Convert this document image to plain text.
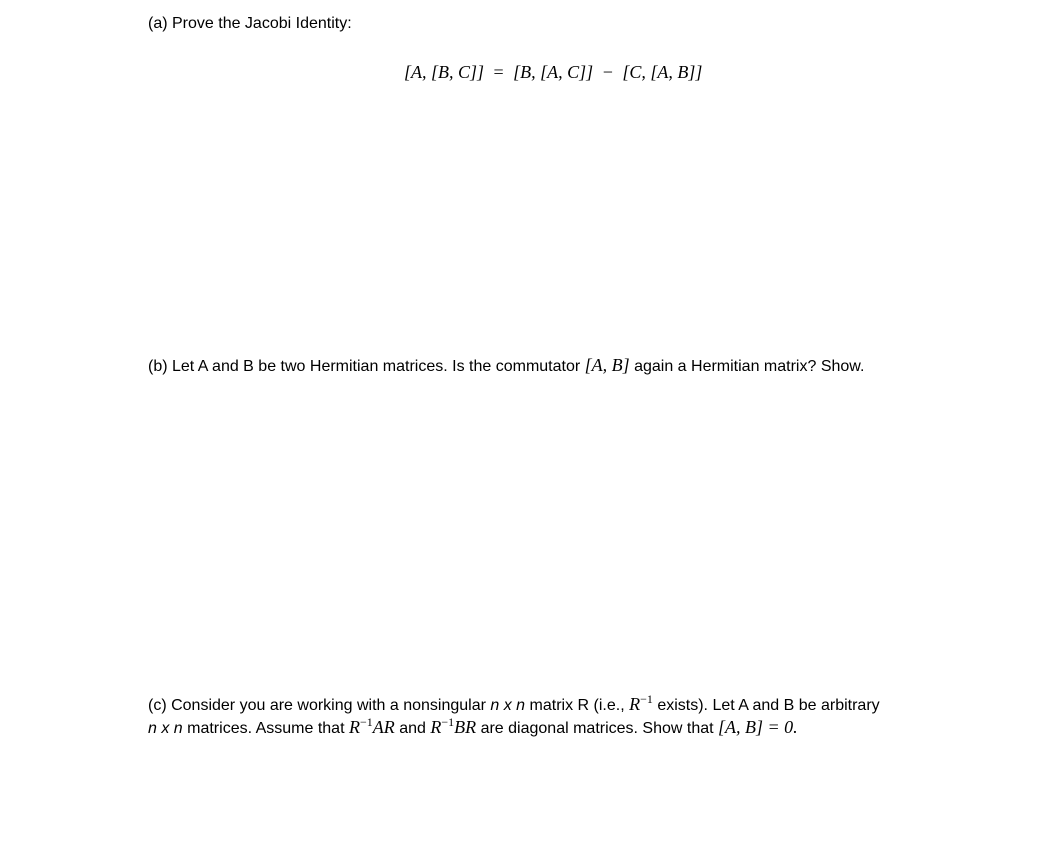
(a) Prove the Jacobi Identity:
[A, [B, C]] = [B, [A, C]] − [C, [A, B]]
(b) Let A and B be two Hermitian matrices. Is the commutator [A, B] again a Hermitian matrix? Show.
(c) Consider you are working with a nonsingular n x n matrix R (i.e., $R^{-1}$ exists). Let A and B be arbitrary
n x n matrices. Assume that $R^{-1}AR$ and $R^{-1}BR$ are diagonal matrices. Show that [A, B] = 0.
